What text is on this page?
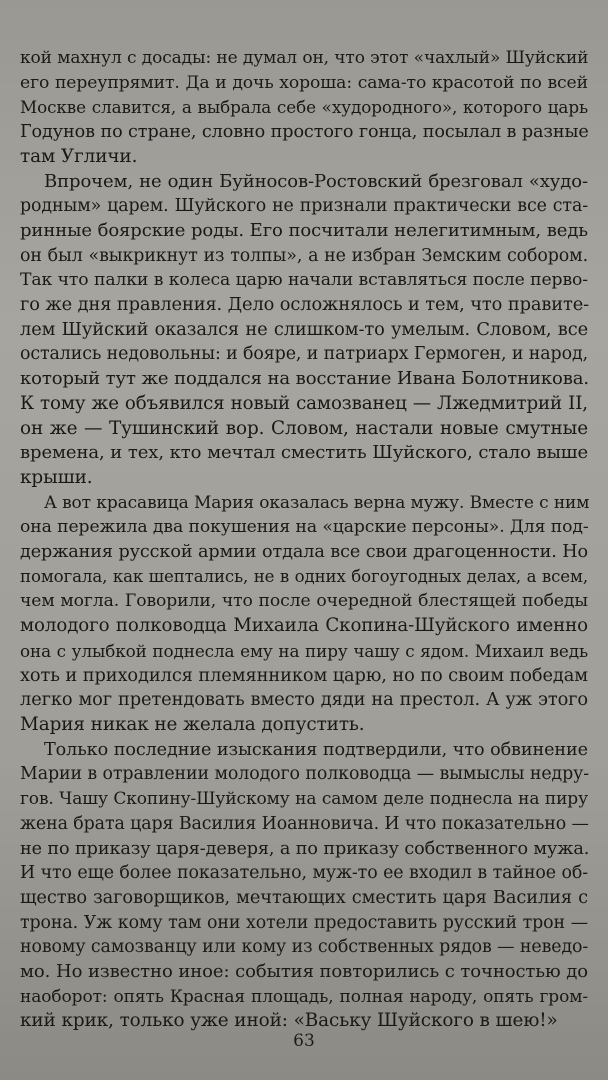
кой махнул с досады: не думал он, что этот «чахлый» Шуйский
его переупрямит. Да и дочь хороша: сама-то красотой по всей
Москве славится, а выбрала себе «худородного», которого царь
Годунов по стране, словно простого гонца, посылал в разные
там Угличи.
Впрочем, не один Буйносов-Ростовский брезговал «худо-
родным» царем. Шуйского не признали практически все ста-
ринные боярские роды. Его посчитали нелегитимным, ведь
он был «выкрикнут из толпы», а не избран Земским собором.
Так что палки в колеса царю начали вставляться после перво-
го же дня правления. Дело осложнялось и тем, что правите-
лем Шуйский оказался не слишком-то умелым. Словом, все
остались недовольны: и бояре, и патриарх Гермоген, и народ,
который тут же поддался на восстание Ивана Болотникова.
К тому же объявился новый самозванец — Лжедмитрий II,
он же — Тушинский вор. Словом, настали новые смутные
времена, и тех, кто мечтал сместить Шуйского, стало выше
крыши.
А вот красавица Мария оказалась верна мужу. Вместе с ним
она пережила два покушения на «царские персоны». Для под-
держания русской армии отдала все свои драгоценности. Но
помогала, как шептались, не в одних богоугодных делах, а всем,
чем могла. Говорили, что после очередной блестящей победы
молодого полководца Михаила Скопина-Шуйского именно
она с улыбкой поднесла ему на пиру чашу с ядом. Михаил ведь
хоть и приходился племянником царю, но по своим победам
легко мог претендовать вместо дяди на престол. А уж этого
Мария никак не желала допустить.
Только последние изыскания подтвердили, что обвинение
Марии в отравлении молодого полководца — вымыслы недру-
гов. Чашу Скопину-Шуйскому на самом деле поднесла на пиру
жена брата царя Василия Иоанновича. И что показательно —
не по приказу царя-деверя, а по приказу собственного мужа.
И что еще более показательно, муж-то ее входил в тайное об-
щество заговорщиков, мечтающих сместить царя Василия с
трона. Уж кому там они хотели предоставить русский трон —
новому самозванцу или кому из собственных рядов — неведо-
мо. Но известно иное: события повторились с точностью до
наоборот: опять Красная площадь, полная народу, опять гром-
кий крик, только уже иной: «Ваську Шуйского в шею!»
63
